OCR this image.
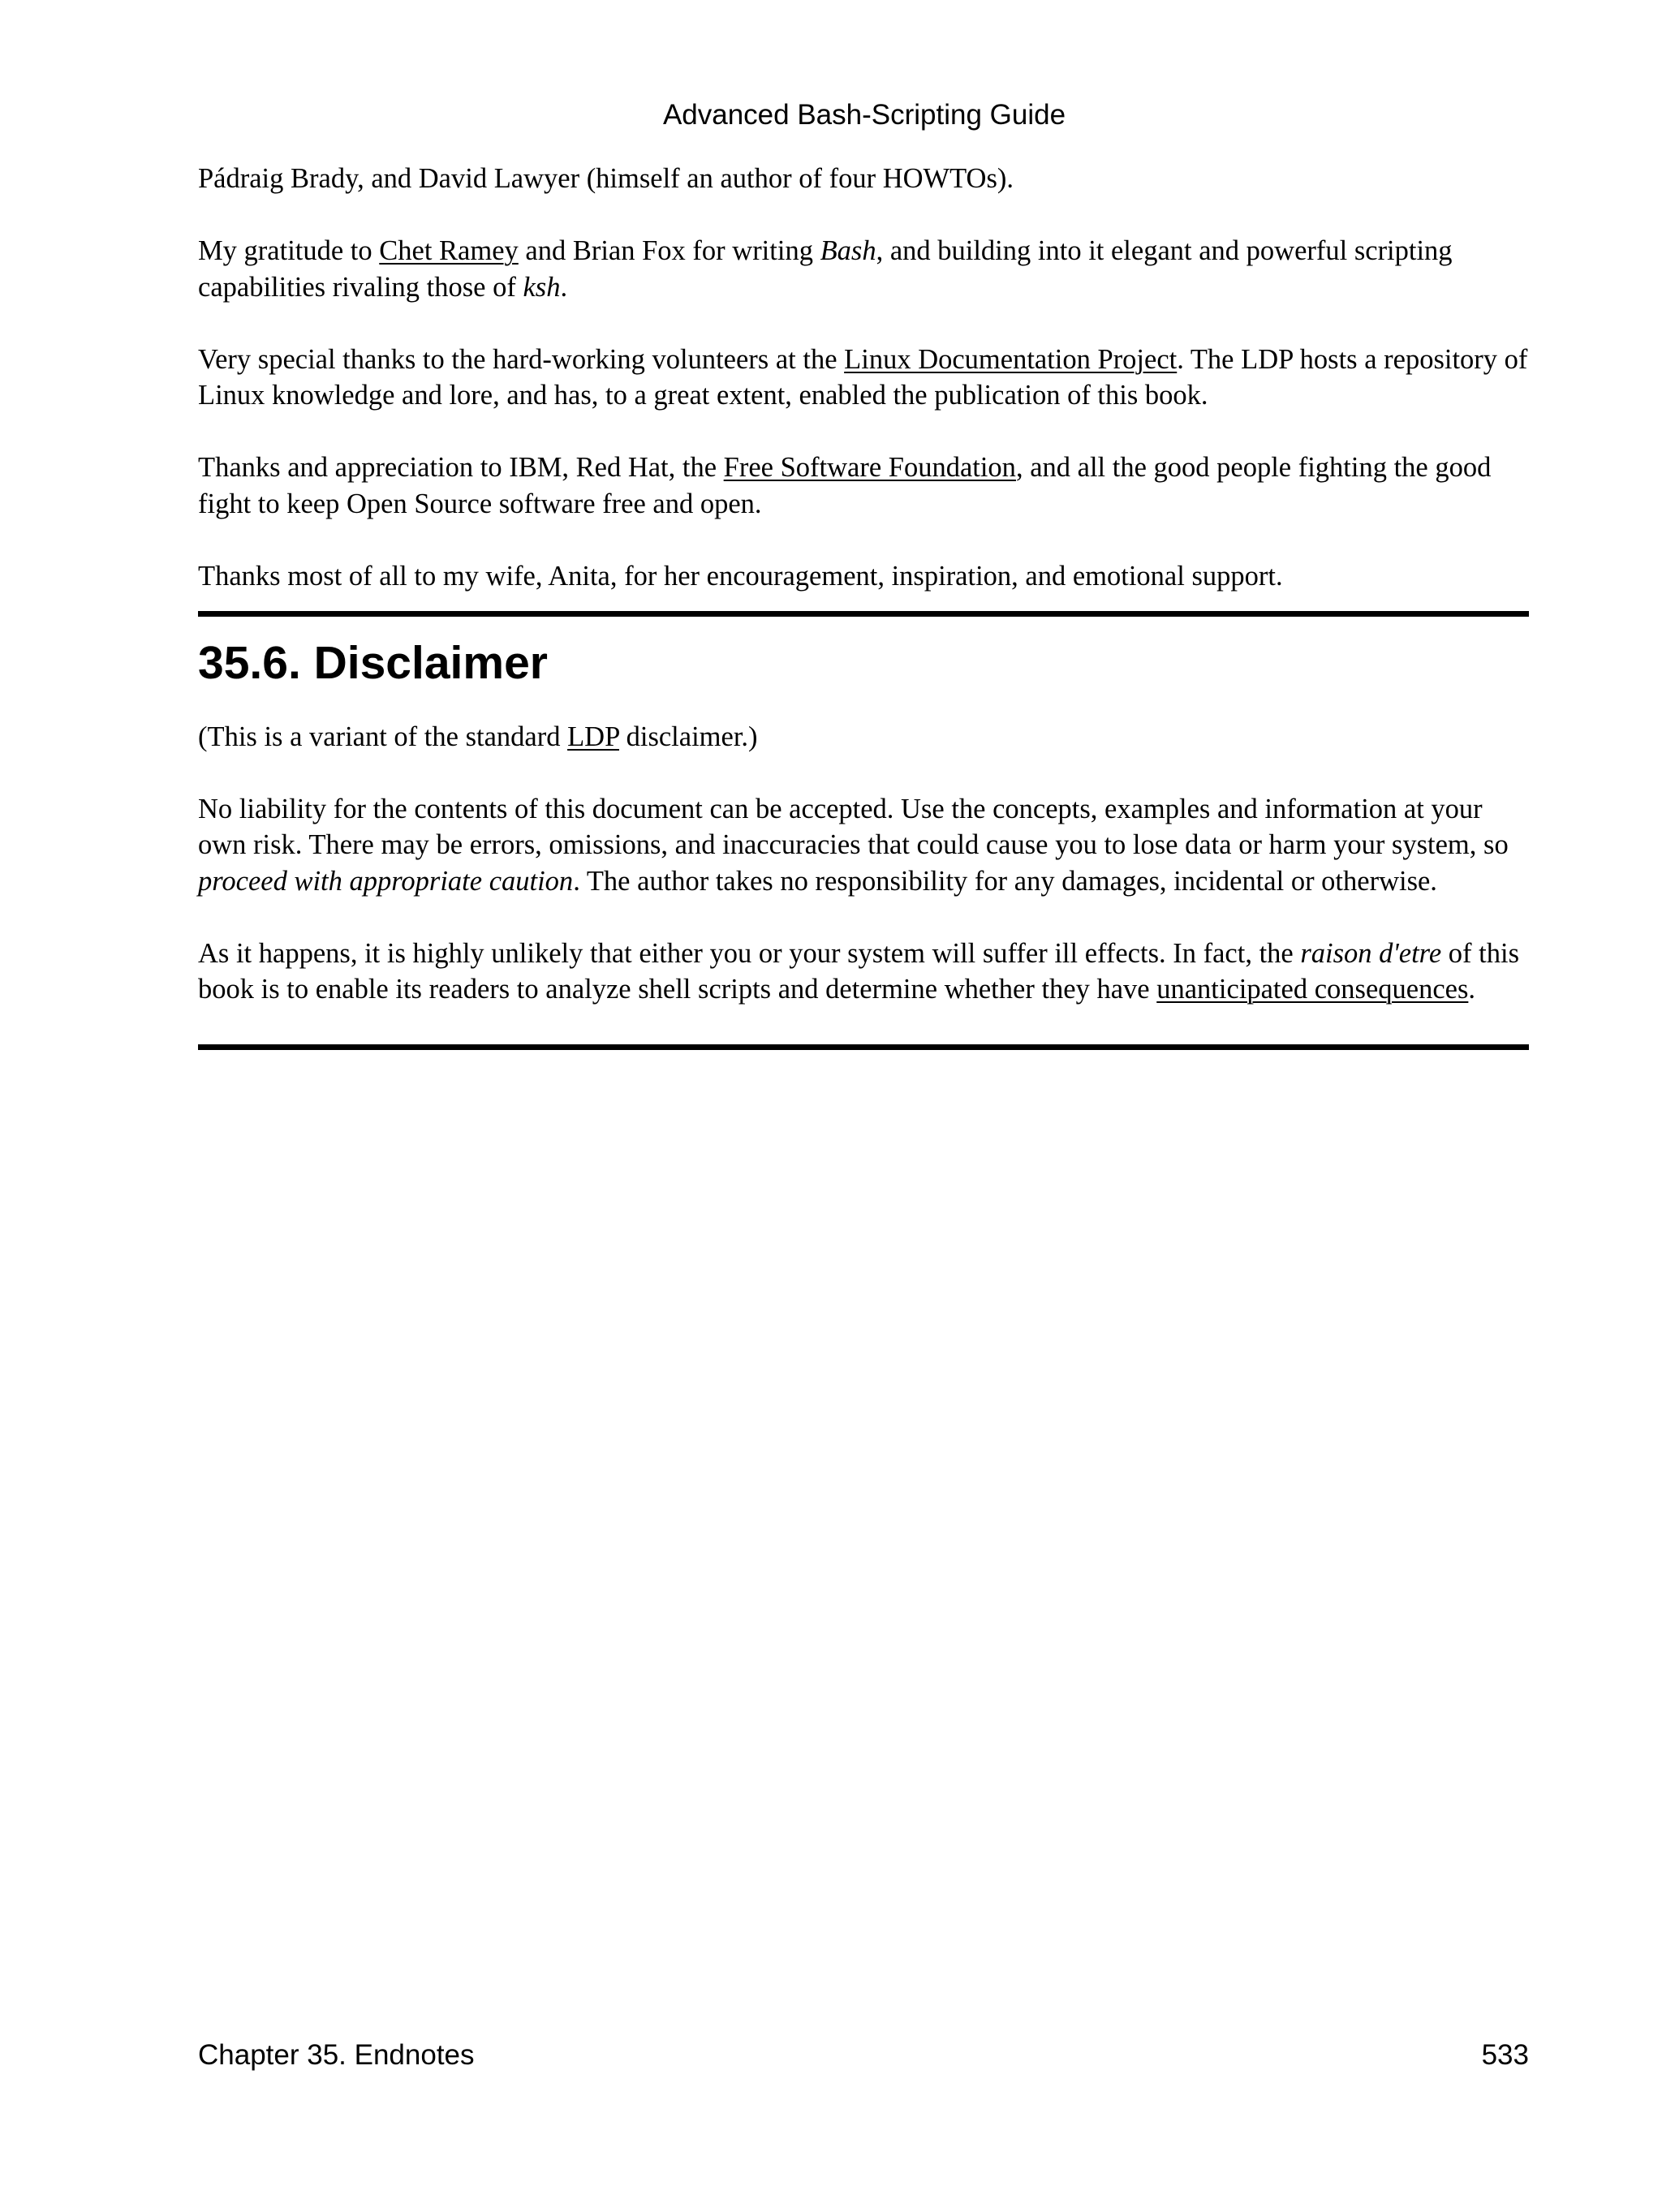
Advanced Bash-Scripting Guide

Pádraig Brady, and David Lawyer (himself an author of four HOWTOs).

My gratitude to Chet Ramey and Brian Fox for writing Bash, and building into it elegant and powerful scripting capabilities rivaling those of ksh.

Very special thanks to the hard-working volunteers at the Linux Documentation Project. The LDP hosts a repository of Linux knowledge and lore, and has, to a great extent, enabled the publication of this book.

Thanks and appreciation to IBM, Red Hat, the Free Software Foundation, and all the good people fighting the good fight to keep Open Source software free and open.

Thanks most of all to my wife, Anita, for her encouragement, inspiration, and emotional support.

35.6. Disclaimer

(This is a variant of the standard LDP disclaimer.)

No liability for the contents of this document can be accepted. Use the concepts, examples and information at your own risk. There may be errors, omissions, and inaccuracies that could cause you to lose data or harm your system, so proceed with appropriate caution. The author takes no responsibility for any damages, incidental or otherwise.

As it happens, it is highly unlikely that either you or your system will suffer ill effects. In fact, the raison d'etre of this book is to enable its readers to analyze shell scripts and determine whether they have unanticipated consequences.

Chapter 35. Endnotes	533
